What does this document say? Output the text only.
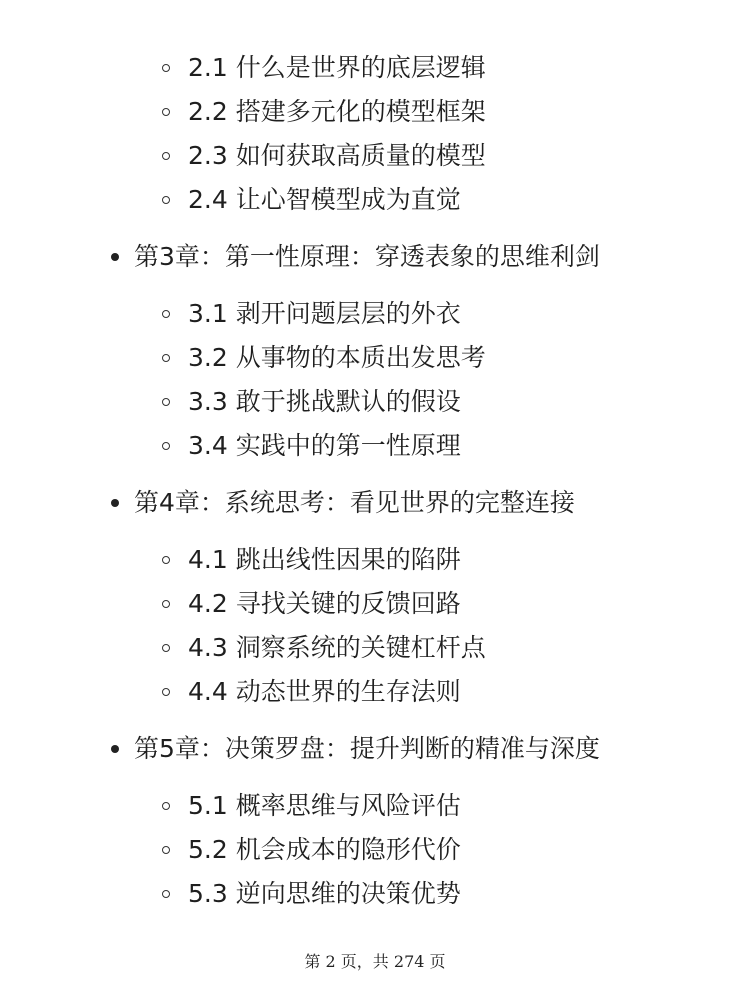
2.1 什么是世界的底层逻辑
2.2 搭建多元化的模型框架
2.3 如何获取高质量的模型
2.4 让心智模型成为直觉
第3章：第一性原理：穿透表象的思维利剑
3.1 剥开问题层层的外衣
3.2 从事物的本质出发思考
3.3 敢于挑战默认的假设
3.4 实践中的第一性原理
第4章：系统思考：看见世界的完整连接
4.1 跳出线性因果的陷阱
4.2 寻找关键的反馈回路
4.3 洞察系统的关键杠杆点
4.4 动态世界的生存法则
第5章：决策罗盘：提升判断的精准与深度
5.1 概率思维与风险评估
5.2 机会成本的隐形代价
5.3 逆向思维的决策优势
第 2 页，共 274 页
